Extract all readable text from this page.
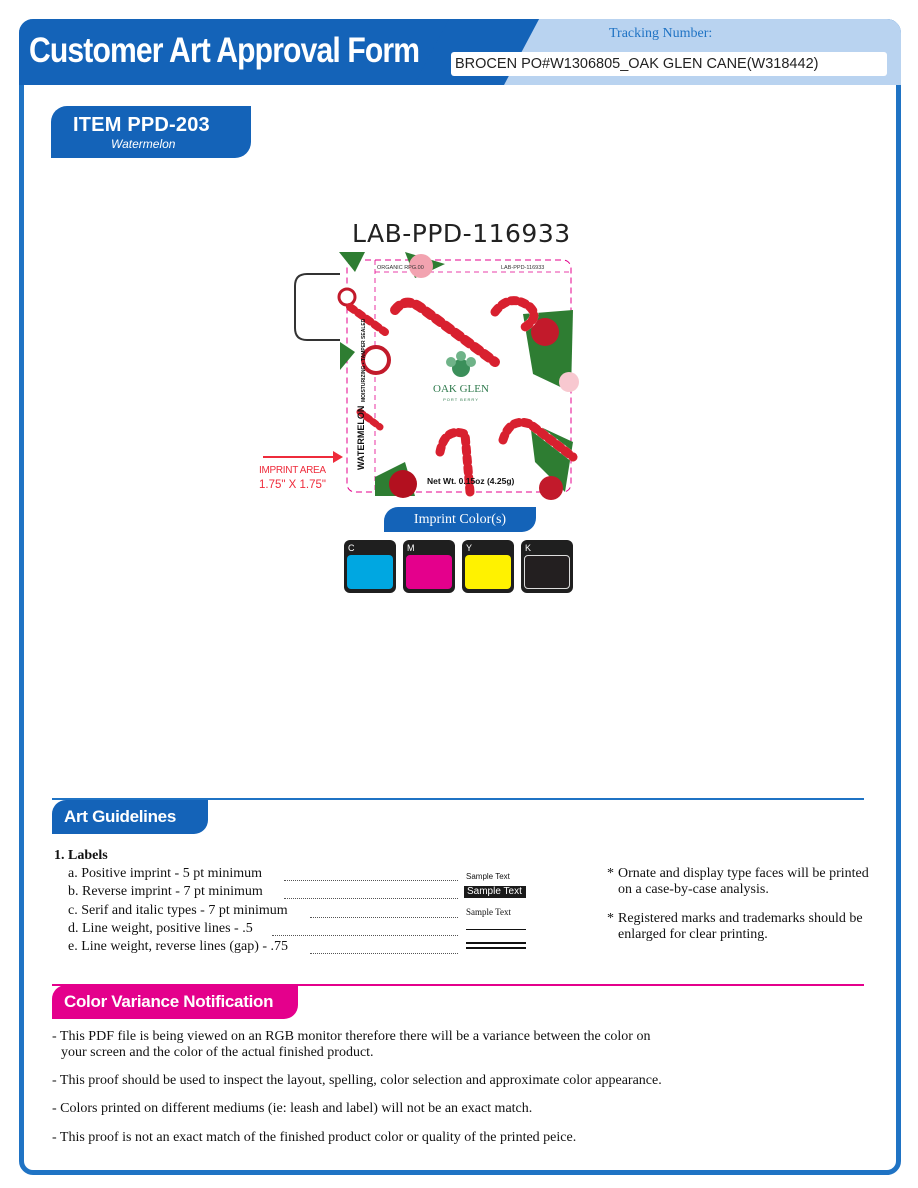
Customer Art Approval Form	Tracking Number:
BROCEN PO#W1306805_OAK GLEN CANE(W318442)
ITEM PPD-203
Watermelon
LAB-PPD-116933
OAK GLEN
PORT BERRY
ORGANIC RPG.00	LAB-PPD-116933
WATERMELON
MOISTURIZING • TAMPER SEALED
Net Wt. 0.15oz (4.25g)
IMPRINT AREA
1.75" X 1.75"
Imprint Color(s)
C	M	Y	K
Art Guidelines
1. Labels
a. Positive imprint - 5 pt minimum	Sample Text
b. Reverse imprint - 7 pt minimum	Sample Text
c. Serif and italic types - 7 pt minimum	Sample Text
d. Line weight, positive lines - .5
e. Line weight, reverse lines (gap) - .75
* Ornate and display type faces will be printed on a case-by-case analysis.
* Registered marks and trademarks should be enlarged for clear printing.
Color Variance Notification
- This PDF file is being viewed on an RGB monitor therefore there will be a variance between the color on
your screen and the color of the actual finished product.
- This proof should be used to inspect the layout, spelling, color selection and approximate color appearance.
- Colors printed on different mediums (ie: leash and label) will not be an exact match.
- This proof is not an exact match of the finished product color or quality of the printed peice.
